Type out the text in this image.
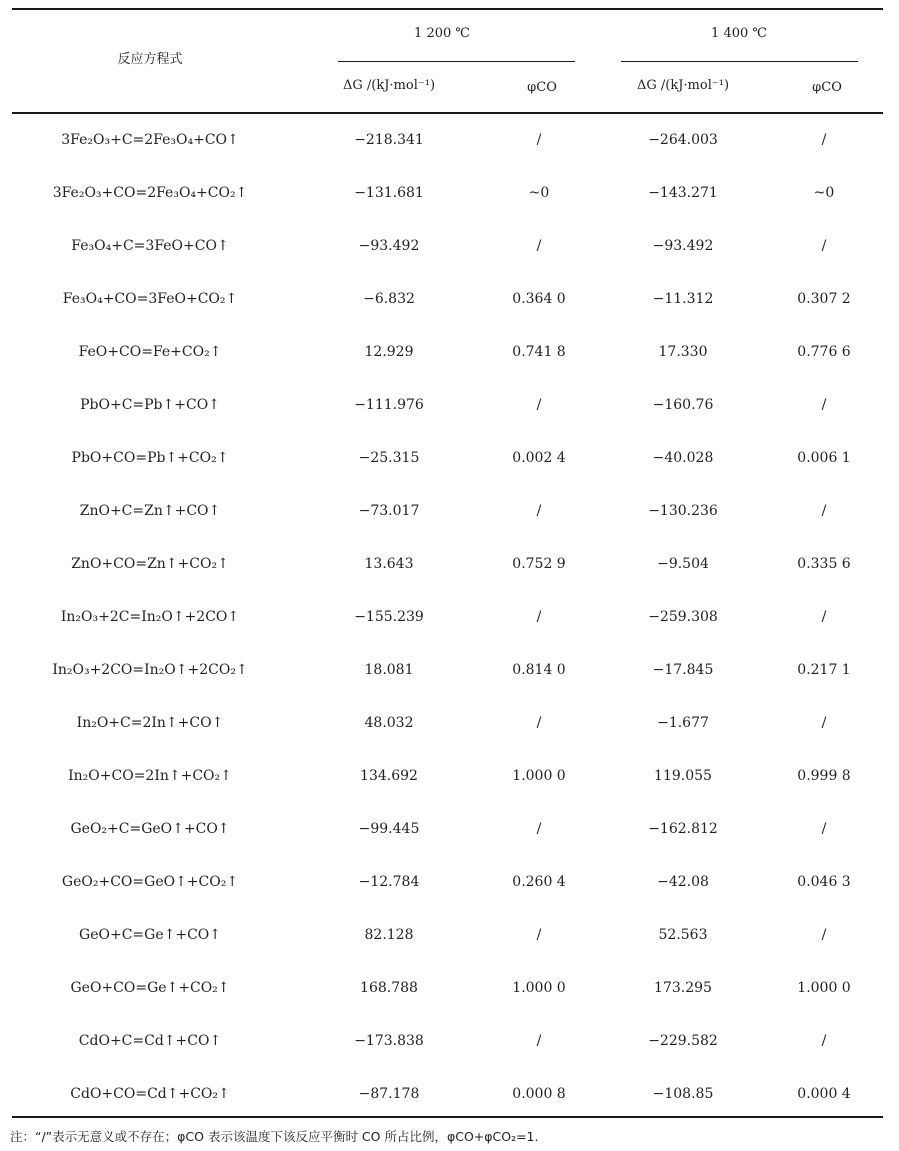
反应方程式
1 200 ℃	1 400 ℃
ΔG /(kJ·mol⁻¹)	φCO	ΔG /(kJ·mol⁻¹)	φCO
3Fe₂O₃+C=2Fe₃O₄+CO↑	−218.341	/	−264.003	/
3Fe₂O₃+CO=2Fe₃O₄+CO₂↑	−131.681	~0	−143.271	~0
Fe₃O₄+C=3FeO+CO↑	−93.492	/	−93.492	/
Fe₃O₄+CO=3FeO+CO₂↑	−6.832	0.364 0	−11.312	0.307 2
FeO+CO=Fe+CO₂↑	12.929	0.741 8	17.330	0.776 6
PbO+C=Pb↑+CO↑	−111.976	/	−160.76	/
PbO+CO=Pb↑+CO₂↑	−25.315	0.002 4	−40.028	0.006 1
ZnO+C=Zn↑+CO↑	−73.017	/	−130.236	/
ZnO+CO=Zn↑+CO₂↑	13.643	0.752 9	−9.504	0.335 6
In₂O₃+2C=In₂O↑+2CO↑	−155.239	/	−259.308	/
In₂O₃+2CO=In₂O↑+2CO₂↑	18.081	0.814 0	−17.845	0.217 1
In₂O+C=2In↑+CO↑	48.032	/	−1.677	/
In₂O+CO=2In↑+CO₂↑	134.692	1.000 0	119.055	0.999 8
GeO₂+C=GeO↑+CO↑	−99.445	/	−162.812	/
GeO₂+CO=GeO↑+CO₂↑	−12.784	0.260 4	−42.08	0.046 3
GeO+C=Ge↑+CO↑	82.128	/	52.563	/
GeO+CO=Ge↑+CO₂↑	168.788	1.000 0	173.295	1.000 0
CdO+C=Cd↑+CO↑	−173.838	/	−229.582	/
CdO+CO=Cd↑+CO₂↑	−87.178	0.000 8	−108.85	0.000 4
注：“/”表示无意义或不存在；φCO 表示该温度下该反应平衡时 CO 所占比例，φCO+φCO₂=1.
